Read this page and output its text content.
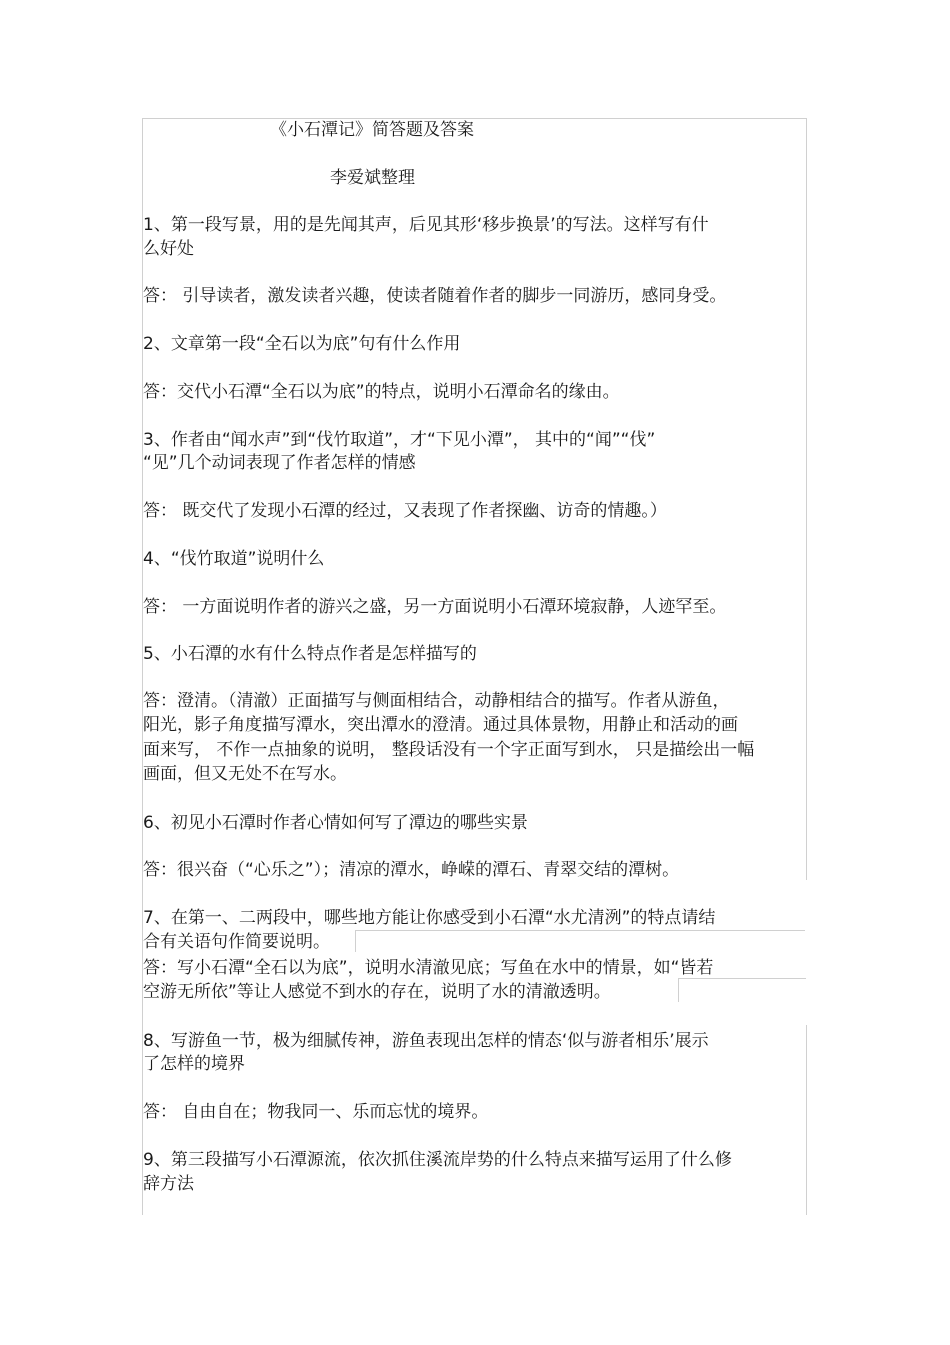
《小石潭记》简答题及答案
李爱斌整理
1、第一段写景，用的是先闻其声，后见其形‘移步换景’的写法。这样写有什
么好处
答： 引导读者，激发读者兴趣，使读者随着作者的脚步一同游历，感同身受。
2、文章第一段“全石以为底”句有什么作用
答：交代小石潭“全石以为底”的特点，说明小石潭命名的缘由。
3、作者由“闻水声”到“伐竹取道”，才“下见小潭”， 其中的“闻”“伐”
“见”几个动词表现了作者怎样的情感
答： 既交代了发现小石潭的经过，又表现了作者探幽、访奇的情趣。）
4、“伐竹取道”说明什么
答： 一方面说明作者的游兴之盛，另一方面说明小石潭环境寂静，人迹罕至。
5、小石潭的水有什么特点作者是怎样描写的
答：澄清。（清澈）正面描写与侧面相结合，动静相结合的描写。作者从游鱼，
阳光，影子角度描写潭水，突出潭水的澄清。通过具体景物，用静止和活动的画
面来写， 不作一点抽象的说明， 整段话没有一个字正面写到水， 只是描绘出一幅
画面，但又无处不在写水。
6、初见小石潭时作者心情如何写了潭边的哪些实景
答：很兴奋（“心乐之”）；清凉的潭水，峥嵘的潭石、青翠交结的潭树。
7、在第一、二两段中，哪些地方能让你感受到小石潭“水尤清洌”的特点请结
合有关语句作简要说明。
答：写小石潭“全石以为底”，说明水清澈见底；写鱼在水中的情景，如“皆若
空游无所依”等让人感觉不到水的存在，说明了水的清澈透明。
8、写游鱼一节，极为细腻传神，游鱼表现出怎样的情态‘似与游者相乐’展示
了怎样的境界
答： 自由自在；物我同一、乐而忘忧的境界。
9、第三段描写小石潭源流，依次抓住溪流岸势的什么特点来描写运用了什么修
辞方法
